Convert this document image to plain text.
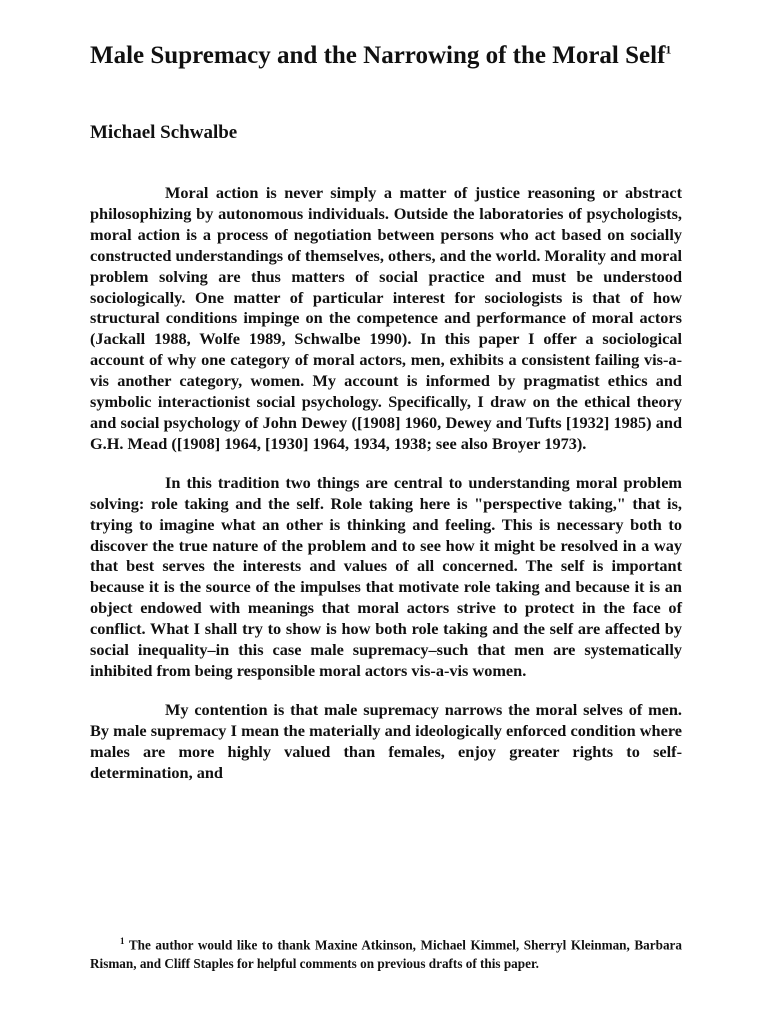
Male Supremacy and the Narrowing of the Moral Self$^1$

Michael Schwalbe

Moral action is never simply a matter of justice reasoning or abstract philosophizing by autonomous individuals. Outside the laboratories of psychologists, moral action is a process of negotiation between persons who act based on socially constructed understandings of themselves, others, and the world. Morality and moral problem solving are thus matters of social practice and must be understood sociologically. One matter of particular interest for sociologists is that of how structural conditions impinge on the competence and performance of moral actors (Jackall 1988, Wolfe 1989, Schwalbe 1990). In this paper I offer a sociological account of why one category of moral actors, men, exhibits a consistent failing vis-a-vis another category, women. My account is informed by pragmatist ethics and symbolic interactionist social psychology. Specifically, I draw on the ethical theory and social psychology of John Dewey ([1908] 1960, Dewey and Tufts [1932] 1985) and G.H. Mead ([1908] 1964, [1930] 1964, 1934, 1938; see also Broyer 1973).

In this tradition two things are central to understanding moral problem solving: role taking and the self. Role taking here is "perspective taking," that is, trying to imagine what an other is thinking and feeling. This is necessary both to discover the true nature of the problem and to see how it might be resolved in a way that best serves the interests and values of all concerned. The self is important because it is the source of the impulses that motivate role taking and because it is an object endowed with meanings that moral actors strive to protect in the face of conflict. What I shall try to show is how both role taking and the self are affected by social inequality–in this case male supremacy–such that men are systematically inhibited from being responsible moral actors vis-a-vis women.

My contention is that male supremacy narrows the moral selves of men. By male supremacy I mean the materially and ideologically enforced condition where males are more highly valued than females, enjoy greater rights to self-determination, and

$^1$ The author would like to thank Maxine Atkinson, Michael Kimmel, Sherryl Kleinman, Barbara Risman, and Cliff Staples for helpful comments on previous drafts of this paper.
